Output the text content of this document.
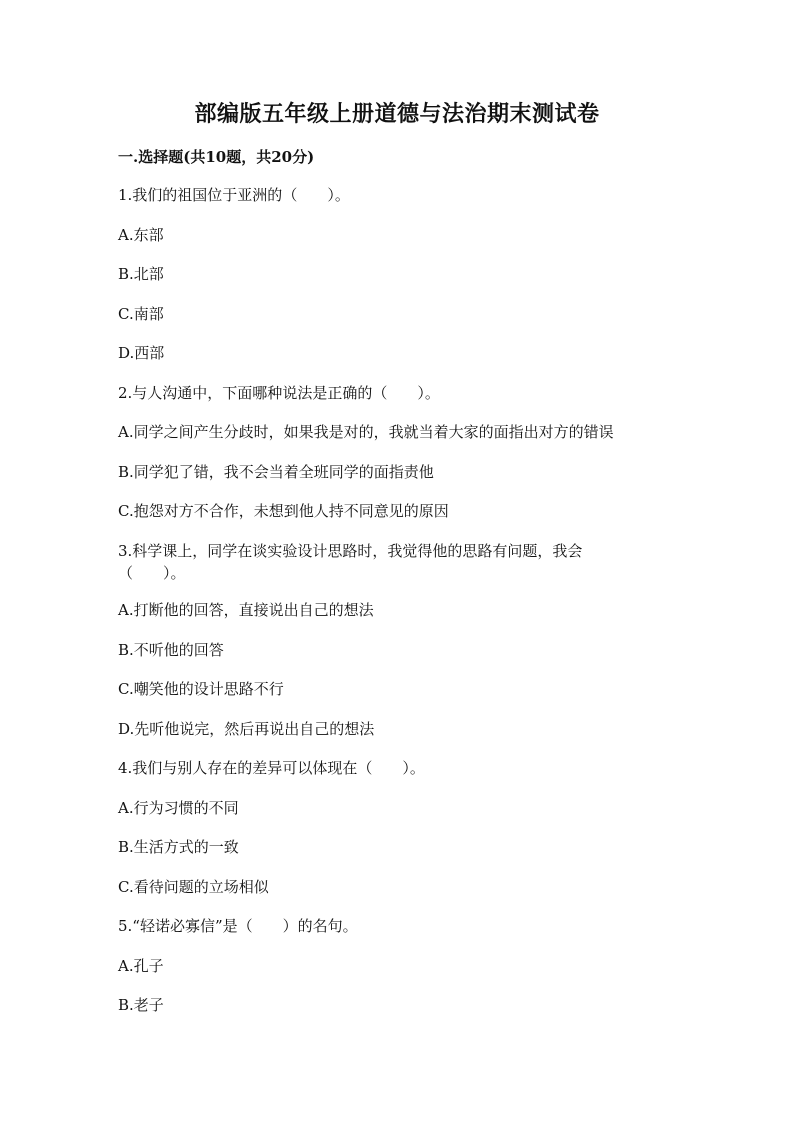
部编版五年级上册道德与法治期末测试卷

一.选择题(共10题，共20分)

1.我们的祖国位于亚洲的（　　）。

A.东部

B.北部

C.南部

D.西部

2.与人沟通中，下面哪种说法是正确的（　　）。

A.同学之间产生分歧时，如果我是对的，我就当着大家的面指出对方的错误

B.同学犯了错，我不会当着全班同学的面指责他

C.抱怨对方不合作，未想到他人持不同意见的原因

3.科学课上，同学在谈实验设计思路时，我觉得他的思路有问题，我会（　　）。

A.打断他的回答，直接说出自己的想法

B.不听他的回答

C.嘲笑他的设计思路不行

D.先听他说完，然后再说出自己的想法

4.我们与别人存在的差异可以体现在（　　）。

A.行为习惯的不同

B.生活方式的一致

C.看待问题的立场相似

5.“轻诺必寡信”是（　　）的名句。

A.孔子

B.老子
